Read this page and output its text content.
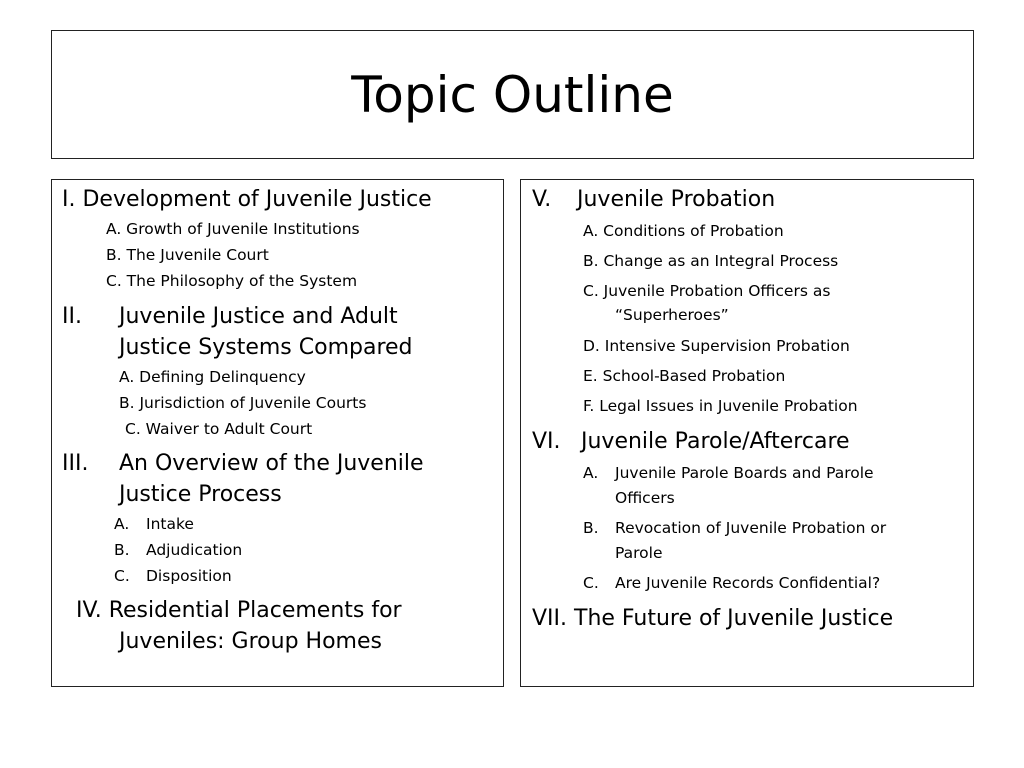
Topic Outline
I. Development of Juvenile Justice
A. Growth of Juvenile Institutions
B. The Juvenile Court
C. The Philosophy of the System
II. Juvenile Justice and Adult
Justice Systems Compared
A. Defining Delinquency
B. Jurisdiction of Juvenile Courts
C. Waiver to Adult Court
III. An Overview of the Juvenile
Justice Process
A. Intake
B. Adjudication
C. Disposition
IV. Residential Placements for
Juveniles: Group Homes
V. Juvenile Probation
A. Conditions of Probation
B. Change as an Integral Process
C. Juvenile Probation Officers as
“Superheroes”
D. Intensive Supervision Probation
E. School-Based Probation
F. Legal Issues in Juvenile Probation
VI. Juvenile Parole/Aftercare
A. Juvenile Parole Boards and Parole
Officers
B. Revocation of Juvenile Probation or
Parole
C. Are Juvenile Records Confidential?
VII. The Future of Juvenile Justice
